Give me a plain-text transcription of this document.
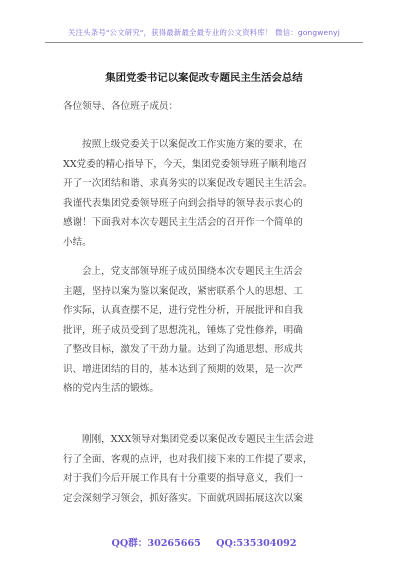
关注头条号"公文研究"，获得最新最全最专业的公文资料库！ 微信：gongwenyj
集团党委书记以案促改专题民主生活会总结
各位领导、各位班子成员：
按照上级党委关于以案促改工作实施方案的要求，在
XX党委的精心指导下，今天，集团党委领导班子顺利地召
开了一次团结和谐、求真务实的以案促改专题民主生活会。
我谨代表集团党委领导班子向到会指导的领导表示衷心的
感谢！下面我对本次专题民主生活会的召开作一个简单的
小结。
会上，党支部领导班子成员围绕本次专题民主生活会
主题，坚持以案为鉴以案促改，紧密联系个人的思想、工
作实际，认真查摆不足，进行党性分析，开展批评和自我
批评，班子成员受到了思想洗礼，锤炼了党性修养，明确
了整改目标，激发了干劲力量。达到了沟通思想、形成共
识、增进团结的目的，基本达到了预期的效果，是一次严
格的党内生活的锻炼。
刚刚，XXX领导对集团党委以案促改专题民主生活会进
行了全面、客观的点评，也对我们接下来的工作提了要求，
对于我们今后开展工作具有十分重要的指导意义，我们一
定会深刻学习领会，抓好落实。下面就巩固拓展这次以案
QQ群：30265665 QQ:535304092
